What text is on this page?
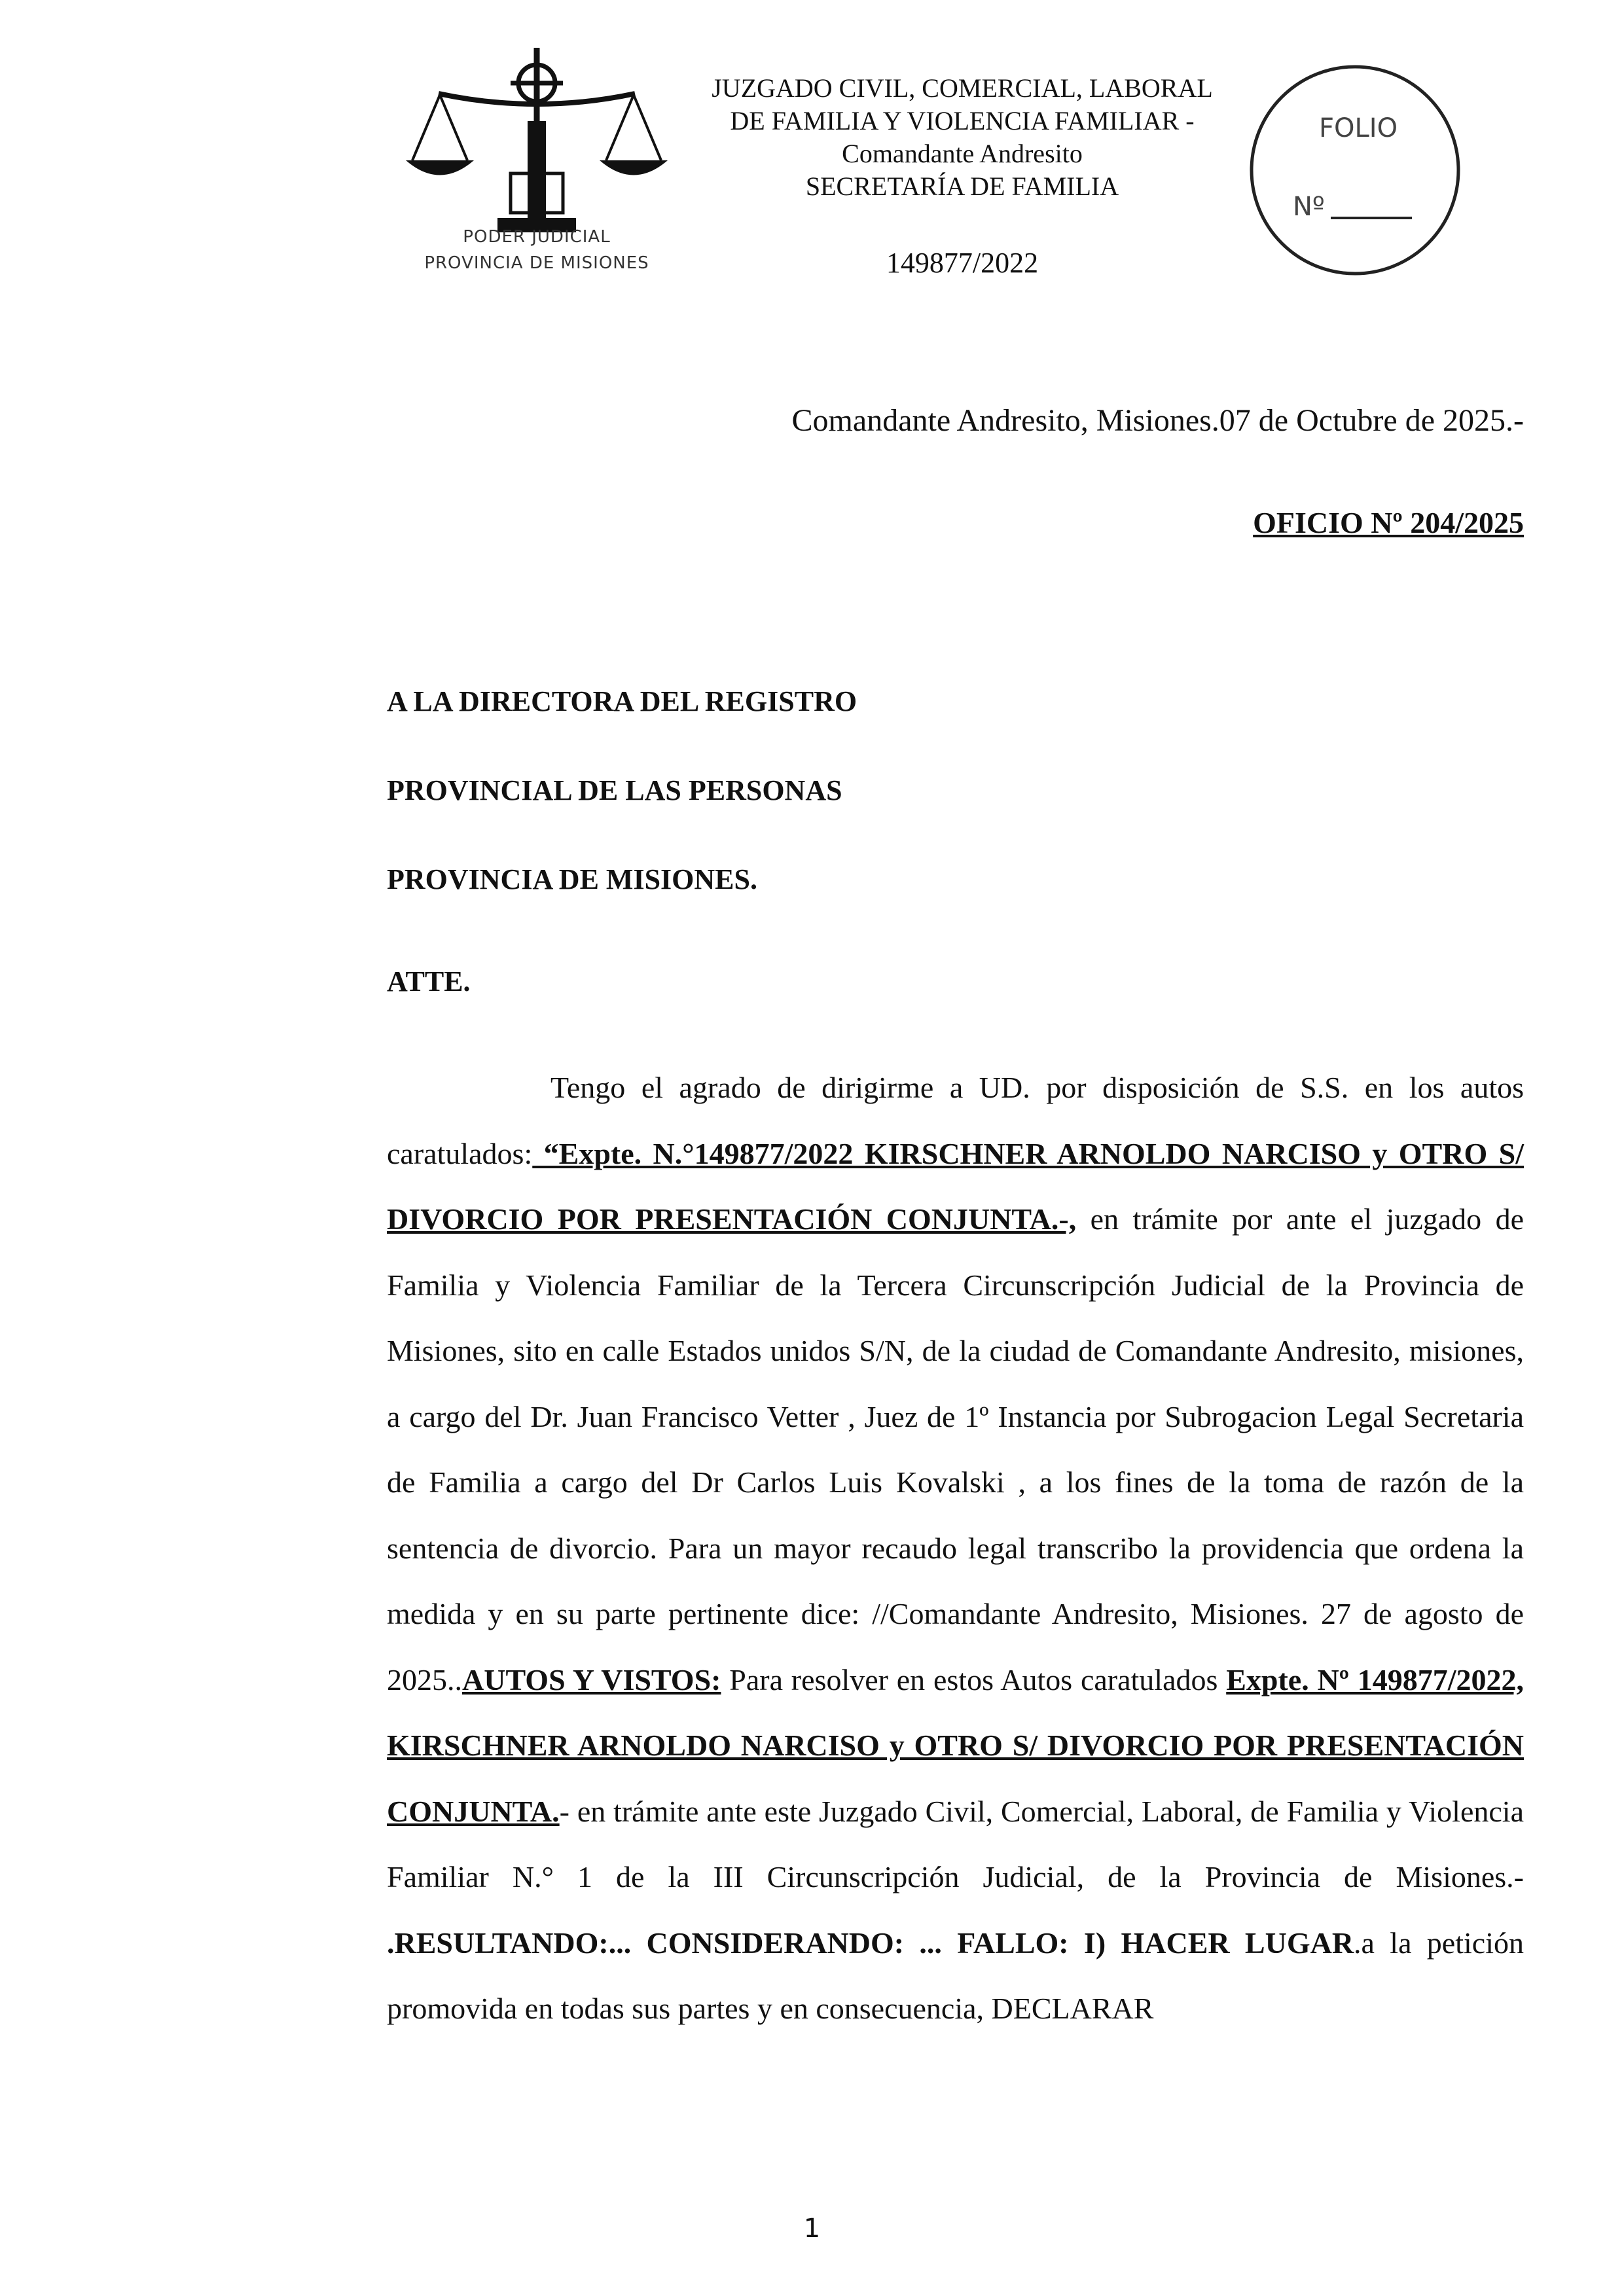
PODER JUDICIAL
PROVINCIA DE MISIONES
JUZGADO CIVIL, COMERCIAL, LABORAL
DE FAMILIA Y VIOLENCIA FAMILIAR -
Comandante Andresito
SECRETARÍA DE FAMILIA
149877/2022
FOLIO
Nº
Comandante Andresito, Misiones.07 de Octubre de 2025.-
OFICIO Nº 204/2025
A LA DIRECTORA DEL REGISTRO
PROVINCIAL DE LAS PERSONAS
PROVINCIA DE MISIONES.
ATTE.
Tengo el agrado de dirigirme a UD. por disposición de S.S. en los autos caratulados: “Expte. N.°149877/2022 KIRSCHNER ARNOLDO NARCISO y OTRO S/ DIVORCIO POR PRESENTACIÓN CONJUNTA.-, en trámite por ante el juzgado de Familia y Violencia Familiar de la Tercera Circunscripción Judicial de la Provincia de Misiones, sito en calle Estados unidos S/N, de la ciudad de Comandante Andresito, misiones, a cargo del Dr. Juan Francisco Vetter , Juez de 1º Instancia por Subrogacion Legal Secretaria de Familia a cargo del Dr Carlos Luis Kovalski , a los fines de la toma de razón de la sentencia de divorcio. Para un mayor recaudo legal transcribo la providencia que ordena la medida y en su parte pertinente dice: //Comandante Andresito, Misiones. 27 de agosto de 2025..AUTOS Y VISTOS: Para resolver en estos Autos caratulados Expte. Nº 149877/2022, KIRSCHNER ARNOLDO NARCISO y OTRO S/ DIVORCIO POR PRESENTACIÓN CONJUNTA.- en trámite ante este Juzgado Civil, Comercial, Laboral, de Familia y Violencia Familiar N.° 1 de la III Circunscripción Judicial, de la Provincia de Misiones.- .RESULTANDO:... CONSIDERANDO: ... FALLO: I) HACER LUGAR.a la petición promovida en todas sus partes y en consecuencia, DECLARAR
1
